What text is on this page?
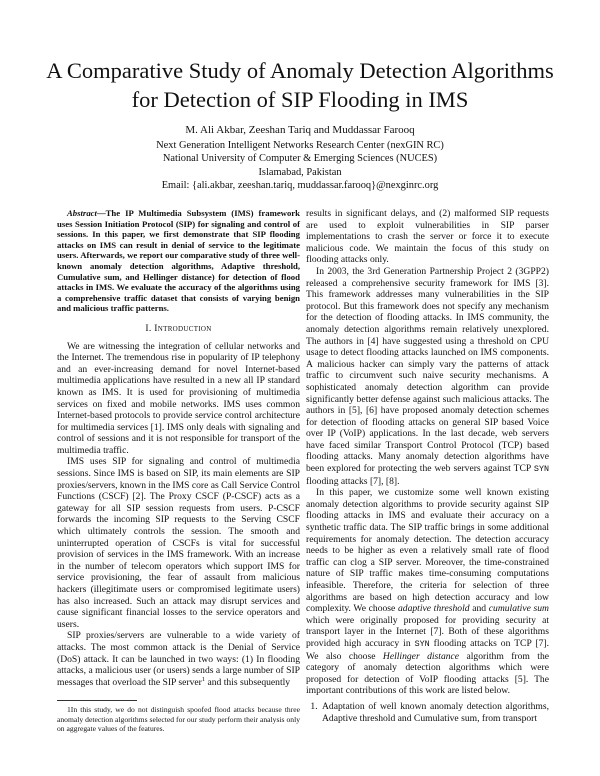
A Comparative Study of Anomaly Detection Algorithms for Detection of SIP Flooding in IMS
M. Ali Akbar, Zeeshan Tariq and Muddassar Farooq
Next Generation Intelligent Networks Research Center (nexGIN RC)
National University of Computer & Emerging Sciences (NUCES)
Islamabad, Pakistan
Email: {ali.akbar, zeeshan.tariq, muddassar.farooq}@nexginrc.org

Abstract—The IP Multimedia Subsystem (IMS) framework uses Session Initiation Protocol (SIP) for signaling and control of sessions. In this paper, we first demonstrate that SIP flooding attacks on IMS can result in denial of service to the legitimate users. Afterwards, we report our comparative study of three well-known anomaly detection algorithms, Adaptive threshold, Cumulative sum, and Hellinger distance) for detection of flood attacks in IMS. We evaluate the accuracy of the algorithms using a comprehensive traffic dataset that consists of varying benign and malicious traffic patterns.

I. Introduction

We are witnessing the integration of cellular networks and the Internet. The tremendous rise in popularity of IP telephony and an ever-increasing demand for novel Internet-based multimedia applications have resulted in a new all IP standard known as IMS. It is used for provisioning of multimedia services on fixed and mobile networks. IMS uses common Internet-based protocols to provide service control architecture for multimedia services [1]. IMS only deals with signaling and control of sessions and it is not responsible for transport of the multimedia traffic.

IMS uses SIP for signaling and control of multimedia sessions. Since IMS is based on SIP, its main elements are SIP proxies/servers, known in the IMS core as Call Service Control Functions (CSCF) [2]. The Proxy CSCF (P-CSCF) acts as a gateway for all SIP session requests from users. P-CSCF forwards the incoming SIP requests to the Serving CSCF which ultimately controls the session. The smooth and uninterrupted operation of CSCFs is vital for successful provision of services in the IMS framework. With an increase in the number of telecom operators which support IMS for service provisioning, the fear of assault from malicious hackers (illegitimate users or compromised legitimate users) has also increased. Such an attack may disrupt services and cause significant financial losses to the service operators and users.

SIP proxies/servers are vulnerable to a wide variety of attacks. The most common attack is the Denial of Service (DoS) attack. It can be launched in two ways: (1) In flooding attacks, a malicious user (or users) sends a large number of SIP messages that overload the SIP server$^1$ and this subsequently

1In this study, we do not distinguish spoofed flood attacks because three anomaly detection algorithms selected for our study perform their analysis only on aggregate values of the features.

results in significant delays, and (2) malformed SIP requests are used to exploit vulnerabilities in SIP parser implementations to crash the server or force it to execute malicious code. We maintain the focus of this study on flooding attacks only.

In 2003, the 3rd Generation Partnership Project 2 (3GPP2) released a comprehensive security framework for IMS [3]. This framework addresses many vulnerabilities in the SIP protocol. But this framework does not specify any mechanism for the detection of flooding attacks. In IMS community, the anomaly detection algorithms remain relatively unexplored. The authors in [4] have suggested using a threshold on CPU usage to detect flooding attacks launched on IMS components. A malicious hacker can simply vary the patterns of attack traffic to circumvent such naive security mechanisms. A sophisticated anomaly detection algorithm can provide significantly better defense against such malicious attacks. The authors in [5], [6] have proposed anomaly detection schemes for detection of flooding attacks on general SIP based Voice over IP (VoIP) applications. In the last decade, web servers have faced similar Transport Control Protocol (TCP) based flooding attacks. Many anomaly detection algorithms have been explored for protecting the web servers against TCP SYN flooding attacks [7], [8].

In this paper, we customize some well known existing anomaly detection algorithms to provide security against SIP flooding attacks in IMS and evaluate their accuracy on a synthetic traffic data. The SIP traffic brings in some additional requirements for anomaly detection. The detection accuracy needs to be higher as even a relatively small rate of flood traffic can clog a SIP server. Moreover, the time-constrained nature of SIP traffic makes time-consuming computations infeasible. Therefore, the criteria for selection of three algorithms are based on high detection accuracy and low complexity. We choose adaptive threshold and cumulative sum which were originally proposed for providing security at transport layer in the Internet [7]. Both of these algorithms provided high accuracy in SYN flooding attacks on TCP [7]. We also choose Hellinger distance algorithm from the category of anomaly detection algorithms which were proposed for detection of VoIP flooding attacks [5]. The important contributions of this work are listed below.

1. Adaptation of well known anomaly detection algorithms, Adaptive threshold and Cumulative sum, from transport
